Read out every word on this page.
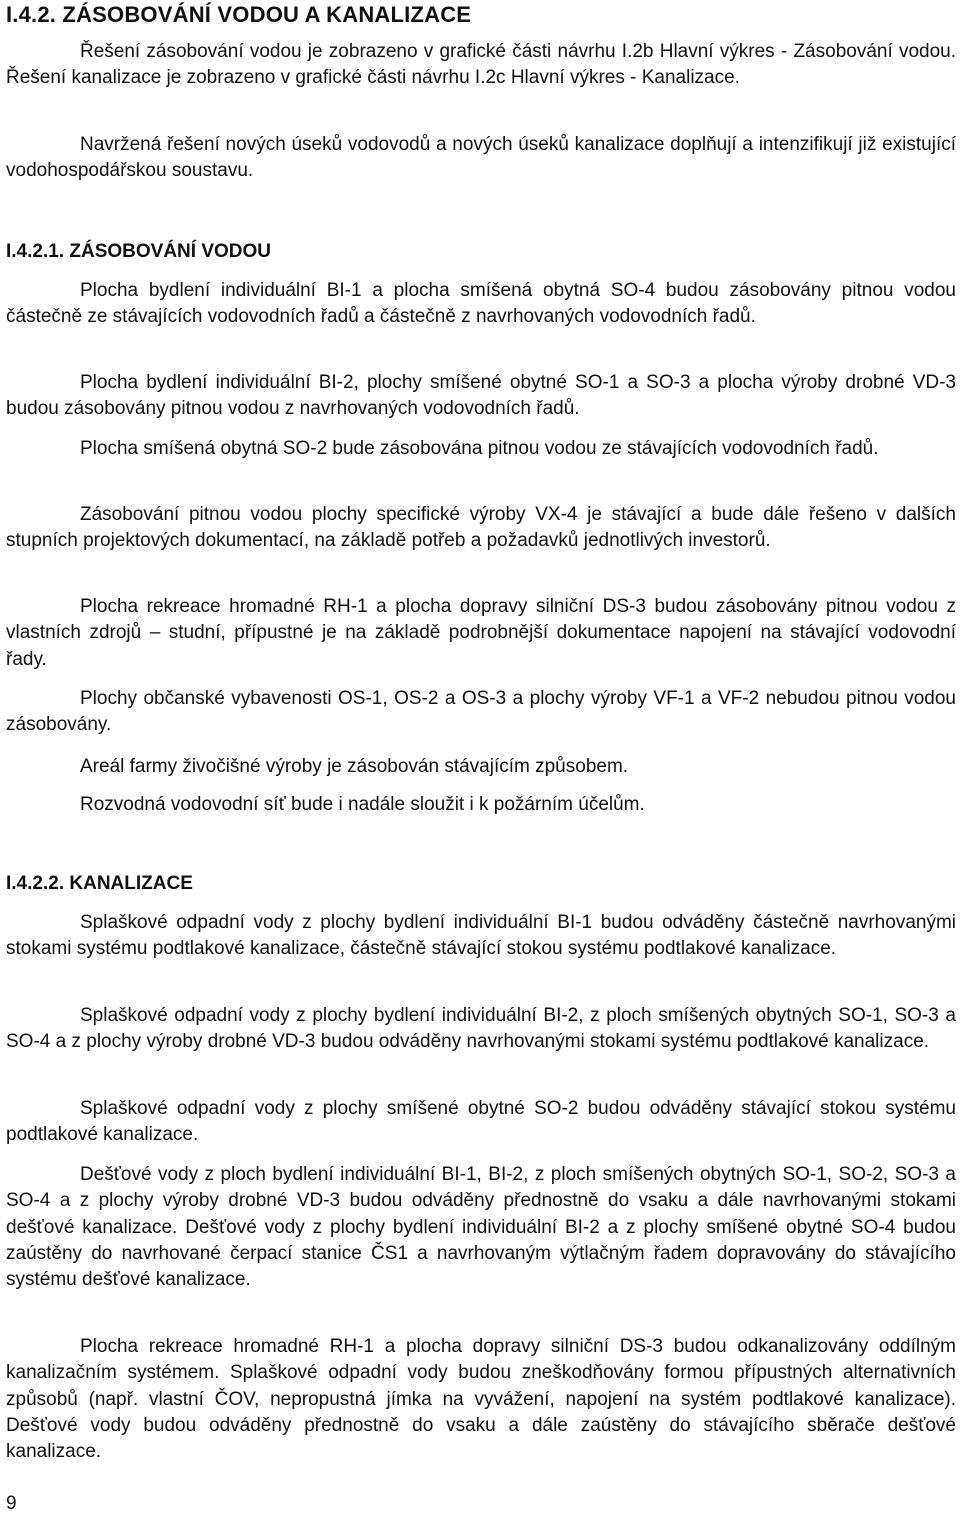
I.4.2. ZÁSOBOVÁNÍ VODOU A KANALIZACE

Řešení zásobování vodou je zobrazeno v grafické části návrhu I.2b Hlavní výkres - Zásobování vodou. Řešení kanalizace je zobrazeno v grafické části návrhu I.2c Hlavní výkres - Kanalizace.

Navržená řešení nových úseků vodovodů a nových úseků kanalizace doplňují a intenzifikují již existující vodohospodářskou soustavu.

I.4.2.1. ZÁSOBOVÁNÍ VODOU

Plocha bydlení individuální BI-1 a plocha smíšená obytná SO-4 budou zásobovány pitnou vodou částečně ze stávajících vodovodních řadů a částečně z navrhovaných vodovodních řadů.

Plocha bydlení individuální BI-2, plochy smíšené obytné SO-1 a SO-3 a plocha výroby drobné VD-3 budou zásobovány pitnou vodou z navrhovaných vodovodních řadů.

Plocha smíšená obytná SO-2 bude zásobována pitnou vodou ze stávajících vodovodních řadů.

Zásobování pitnou vodou plochy specifické výroby VX-4 je stávající a bude dále řešeno v dalších stupních projektových dokumentací, na základě potřeb a požadavků jednotlivých investorů.

Plocha rekreace hromadné RH-1 a plocha dopravy silniční DS-3 budou zásobovány pitnou vodou z vlastních zdrojů – studní, přípustné je na základě podrobnější dokumentace napojení na stávající vodovodní řady.

Plochy občanské vybavenosti OS-1, OS-2 a OS-3 a plochy výroby VF-1 a VF-2 nebudou pitnou vodou zásobovány.

Areál farmy živočišné výroby je zásobován stávajícím způsobem.

Rozvodná vodovodní síť bude i nadále sloužit i k požárním účelům.

I.4.2.2. KANALIZACE

Splaškové odpadní vody z plochy bydlení individuální BI-1 budou odváděny částečně navrhovanými stokami systému podtlakové kanalizace, částečně stávající stokou systému podtlakové kanalizace.

Splaškové odpadní vody z plochy bydlení individuální BI-2, z ploch smíšených obytných SO-1, SO-3 a SO-4 a z plochy výroby drobné VD-3 budou odváděny navrhovanými stokami systému podtlakové kanalizace.

Splaškové odpadní vody z plochy smíšené obytné SO-2 budou odváděny stávající stokou systému podtlakové kanalizace.

Dešťové vody z ploch bydlení individuální BI-1, BI-2, z ploch smíšených obytných SO-1, SO-2, SO-3 a SO-4 a z plochy výroby drobné VD-3 budou odváděny přednostně do vsaku a dále navrhovanými stokami dešťové kanalizace. Dešťové vody z plochy bydlení individuální BI-2 a z plochy smíšené obytné SO-4 budou zaústěny do navrhované čerpací stanice ČS1 a navrhovaným výtlačným řadem dopravovány do stávajícího systému dešťové kanalizace.

Plocha rekreace hromadné RH-1 a plocha dopravy silniční DS-3 budou odkanalizovány oddílným kanalizačním systémem. Splaškové odpadní vody budou zneškodňovány formou přípustných alternativních způsobů (např. vlastní ČOV, nepropustná jímka na vyvážení, napojení na systém podtlakové kanalizace). Dešťové vody budou odváděny přednostně do vsaku a dále zaústěny do stávajícího sběrače dešťové kanalizace.

9
